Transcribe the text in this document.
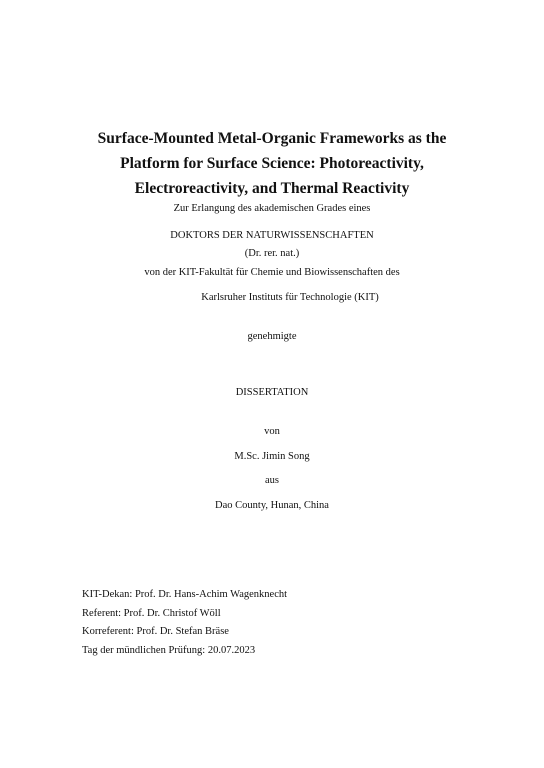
Surface-Mounted Metal-Organic Frameworks as the
Platform for Surface Science: Photoreactivity,
Electroreactivity, and Thermal Reactivity
Zur Erlangung des akademischen Grades eines
DOKTORS DER NATURWISSENSCHAFTEN
(Dr. rer. nat.)
von der KIT-Fakultät für Chemie und Biowissenschaften des
Karlsruher Instituts für Technologie (KIT)
genehmigte
DISSERTATION
von
M.Sc. Jimin Song
aus
Dao County, Hunan, China
KIT-Dekan: Prof. Dr. Hans-Achim Wagenknecht
Referent: Prof. Dr. Christof Wöll
Korreferent: Prof. Dr. Stefan Bräse
Tag der mündlichen Prüfung: 20.07.2023
